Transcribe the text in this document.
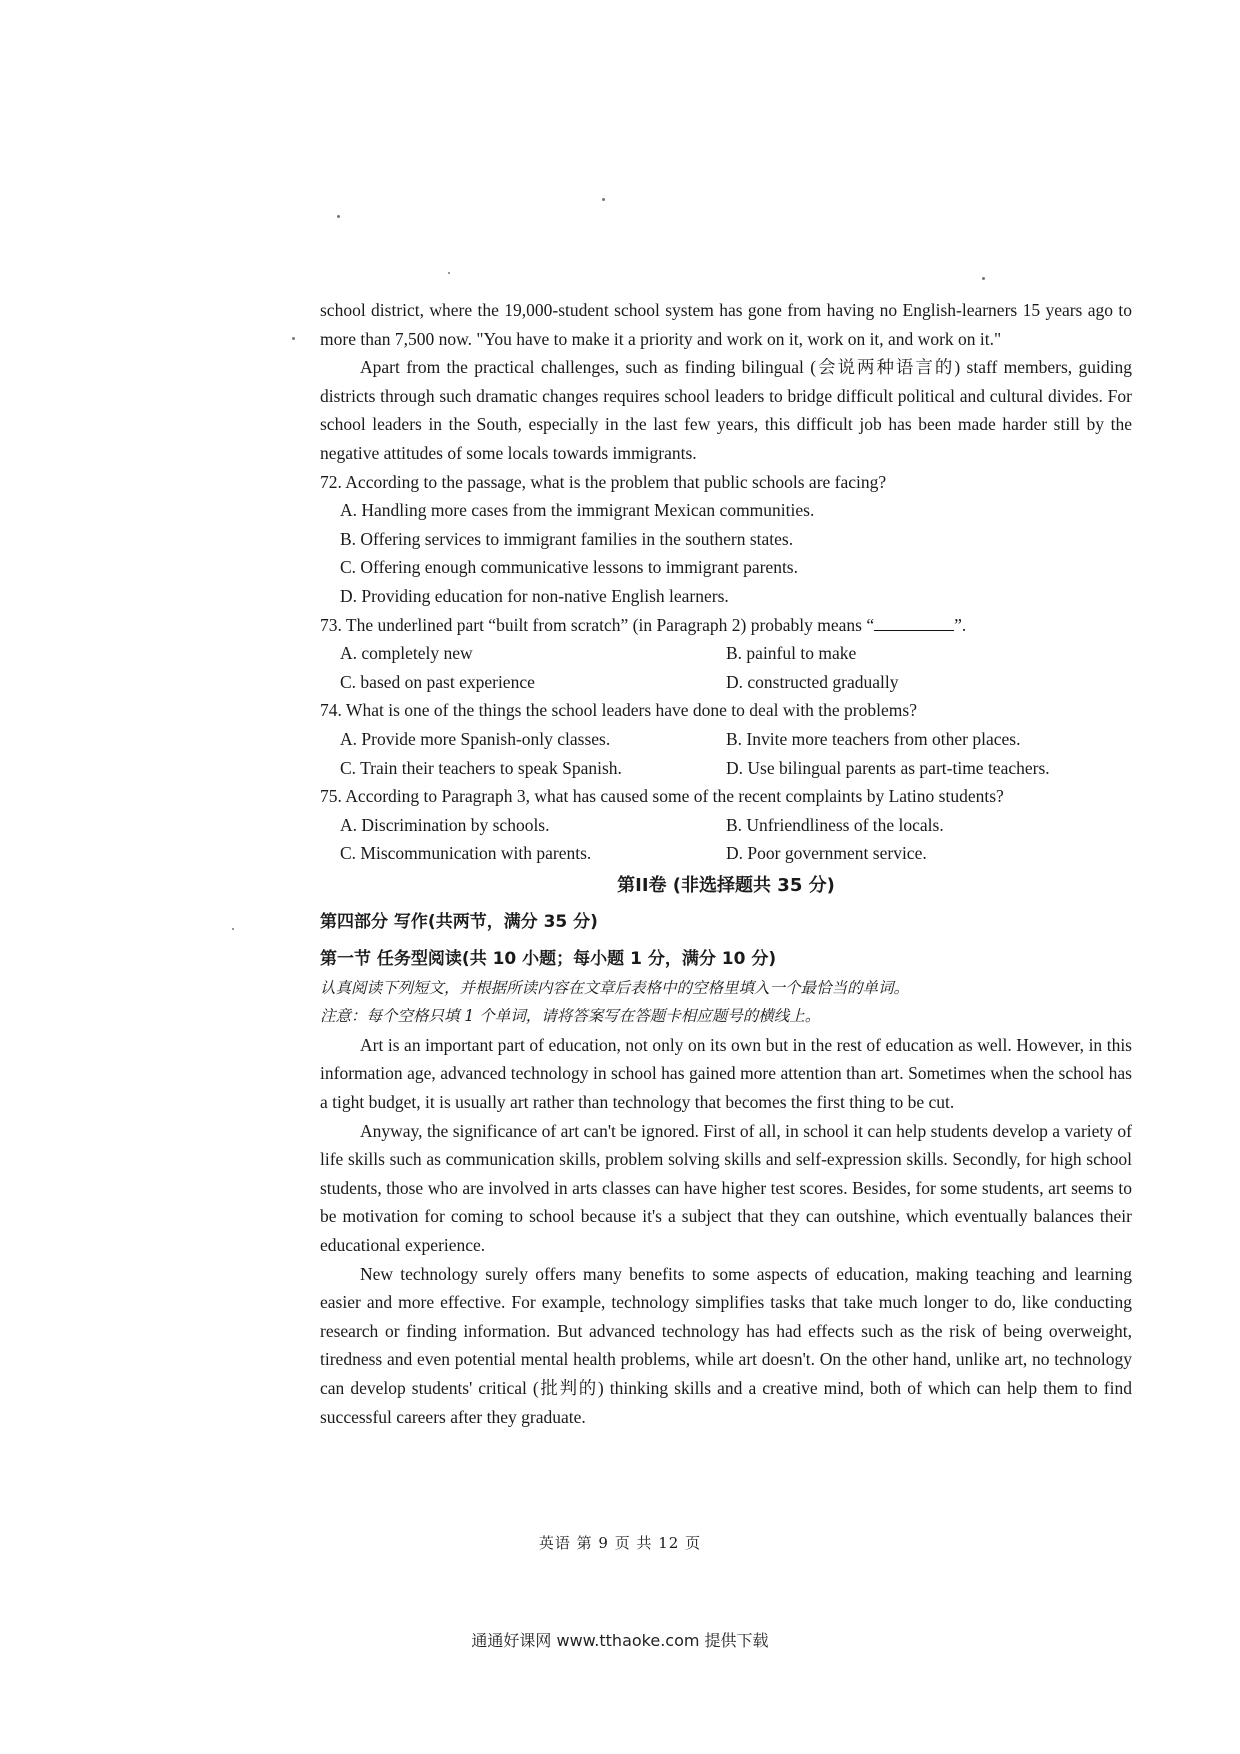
school district, where the 19,000-student school system has gone from having no English-learners 15 years ago to more than 7,500 now. "You have to make it a priority and work on it, work on it, and work on it."

Apart from the practical challenges, such as finding bilingual (会说两种语言的) staff members, guiding districts through such dramatic changes requires school leaders to bridge difficult political and cultural divides. For school leaders in the South, especially in the last few years, this difficult job has been made harder still by the negative attitudes of some locals towards immigrants.

72. According to the passage, what is the problem that public schools are facing?

A. Handling more cases from the immigrant Mexican communities.

B. Offering services to immigrant families in the southern states.

C. Offering enough communicative lessons to immigrant parents.

D. Providing education for non-native English learners.

73. The underlined part “built from scratch” (in Paragraph 2) probably means “	”.

A. completely new	B. painful to make

C. based on past experience	D. constructed gradually

74. What is one of the things the school leaders have done to deal with the problems?

A. Provide more Spanish-only classes.	B. Invite more teachers from other places.

C. Train their teachers to speak Spanish.	D. Use bilingual parents as part-time teachers.

75. According to Paragraph 3, what has caused some of the recent complaints by Latino students?

A. Discrimination by schools.	B. Unfriendliness of the locals.

C. Miscommunication with parents.	D. Poor government service.

第II卷 (非选择题共 35 分)

第四部分 写作(共两节，满分 35 分)

第一节 任务型阅读(共 10 小题；每小题 1 分，满分 10 分)

认真阅读下列短文，并根据所读内容在文章后表格中的空格里填入一个最恰当的单词。

注意：每个空格只填 1 个单词，请将答案写在答题卡相应题号的横线上。

Art is an important part of education, not only on its own but in the rest of education as well. However, in this information age, advanced technology in school has gained more attention than art. Sometimes when the school has a tight budget, it is usually art rather than technology that becomes the first thing to be cut.

Anyway, the significance of art can't be ignored. First of all, in school it can help students develop a variety of life skills such as communication skills, problem solving skills and self-expression skills. Secondly, for high school students, those who are involved in arts classes can have higher test scores. Besides, for some students, art seems to be motivation for coming to school because it's a subject that they can outshine, which eventually balances their educational experience.

New technology surely offers many benefits to some aspects of education, making teaching and learning easier and more effective. For example, technology simplifies tasks that take much longer to do, like conducting research or finding information. But advanced technology has had effects such as the risk of being overweight, tiredness and even potential mental health problems, while art doesn't. On the other hand, unlike art, no technology can develop students' critical (批判的) thinking skills and a creative mind, both of which can help them to find successful careers after they graduate.

英语 第 9 页 共 12 页
通通好课网 www.tthaoke.com 提供下载
